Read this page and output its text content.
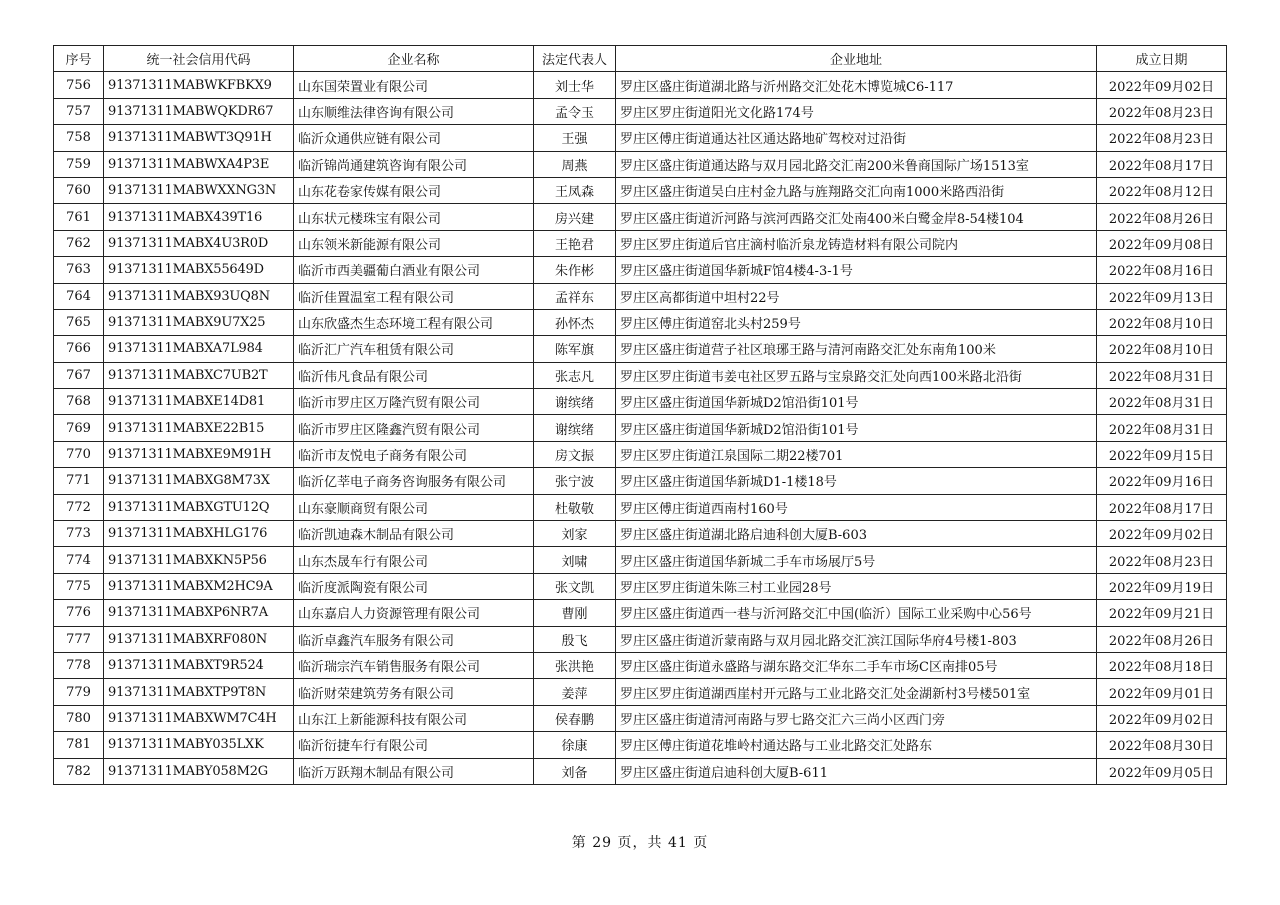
序号	统一社会信用代码	企业名称	法定代表人	企业地址	成立日期
756	91371311MABWKFBKX9	山东国荣置业有限公司	刘士华	罗庄区盛庄街道湖北路与沂州路交汇处花木博览城C6-117	2022年09月02日
757	91371311MABWQKDR67	山东顺维法律咨询有限公司	孟令玉	罗庄区罗庄街道阳光文化路174号	2022年08月23日
758	91371311MABWT3Q91H	临沂众通供应链有限公司	王强	罗庄区傅庄街道通达社区通达路地矿驾校对过沿街	2022年08月23日
759	91371311MABWXA4P3E	临沂锦尚通建筑咨询有限公司	周燕	罗庄区盛庄街道通达路与双月园北路交汇南200米鲁商国际广场1513室	2022年08月17日
760	91371311MABWXXNG3N	山东花卷家传媒有限公司	王凤森	罗庄区盛庄街道吴白庄村金九路与旌翔路交汇向南1000米路西沿街	2022年08月12日
761	91371311MABX439T16	山东状元楼珠宝有限公司	房兴建	罗庄区盛庄街道沂河路与滨河西路交汇处南400米白鹭金岸8-54楼104	2022年08月26日
762	91371311MABX4U3R0D	山东领米新能源有限公司	王艳君	罗庄区罗庄街道后官庄滴村临沂泉龙铸造材料有限公司院内	2022年09月08日
763	91371311MABX55649D	临沂市西美疆葡白酒业有限公司	朱作彬	罗庄区盛庄街道国华新城F馆4楼4-3-1号	2022年08月16日
764	91371311MABX93UQ8N	临沂佳置温室工程有限公司	孟祥东	罗庄区高都街道中坦村22号	2022年09月13日
765	91371311MABX9U7X25	山东欣盛杰生态环境工程有限公司	孙怀杰	罗庄区傅庄街道窑北头村259号	2022年08月10日
766	91371311MABXA7L984	临沂汇广汽车租赁有限公司	陈军旗	罗庄区盛庄街道营子社区琅琊王路与清河南路交汇处东南角100米	2022年08月10日
767	91371311MABXC7UB2T	临沂伟凡食品有限公司	张志凡	罗庄区罗庄街道韦姜屯社区罗五路与宝泉路交汇处向西100米路北沿街	2022年08月31日
768	91371311MABXE14D81	临沂市罗庄区万隆汽贸有限公司	谢缤绪	罗庄区盛庄街道国华新城D2馆沿街101号	2022年08月31日
769	91371311MABXE22B15	临沂市罗庄区隆鑫汽贸有限公司	谢缤绪	罗庄区盛庄街道国华新城D2馆沿街101号	2022年08月31日
770	91371311MABXE9M91H	临沂市友悦电子商务有限公司	房文振	罗庄区罗庄街道江泉国际二期22楼701	2022年09月15日
771	91371311MABXG8M73X	临沂亿莘电子商务咨询服务有限公司	张宁波	罗庄区盛庄街道国华新城D1-1楼18号	2022年09月16日
772	91371311MABXGTU12Q	山东豪顺商贸有限公司	杜敬敬	罗庄区傅庄街道西南村160号	2022年08月17日
773	91371311MABXHLG176	临沂凯迪森木制品有限公司	刘家	罗庄区盛庄街道湖北路启迪科创大厦B-603	2022年09月02日
774	91371311MABXKN5P56	山东杰晟车行有限公司	刘啸	罗庄区盛庄街道国华新城二手车市场展厅5号	2022年08月23日
775	91371311MABXM2HC9A	临沂度派陶瓷有限公司	张文凯	罗庄区罗庄街道朱陈三村工业园28号	2022年09月19日
776	91371311MABXP6NR7A	山东嘉启人力资源管理有限公司	曹刚	罗庄区盛庄街道西一巷与沂河路交汇中国(临沂）国际工业采购中心56号	2022年09月21日
777	91371311MABXRF080N	临沂卓鑫汽车服务有限公司	殷飞	罗庄区盛庄街道沂蒙南路与双月园北路交汇滨江国际华府4号楼1-803	2022年08月26日
778	91371311MABXT9R524	临沂瑞宗汽车销售服务有限公司	张洪艳	罗庄区盛庄街道永盛路与湖东路交汇华东二手车市场C区南排05号	2022年08月18日
779	91371311MABXTP9T8N	临沂财荣建筑劳务有限公司	姜萍	罗庄区罗庄街道湖西崖村开元路与工业北路交汇处金湖新村3号楼501室	2022年09月01日
780	91371311MABXWM7C4H	山东江上新能源科技有限公司	侯春鹏	罗庄区盛庄街道清河南路与罗七路交汇六三尚小区西门旁	2022年09月02日
781	91371311MABY035LXK	临沂衍捷车行有限公司	徐康	罗庄区傅庄街道花堆岭村通达路与工业北路交汇处路东	2022年08月30日
782	91371311MABY058M2G	临沂万跃翔木制品有限公司	刘备	罗庄区盛庄街道启迪科创大厦B-611	2022年09月05日
第 29 页，共 41 页
